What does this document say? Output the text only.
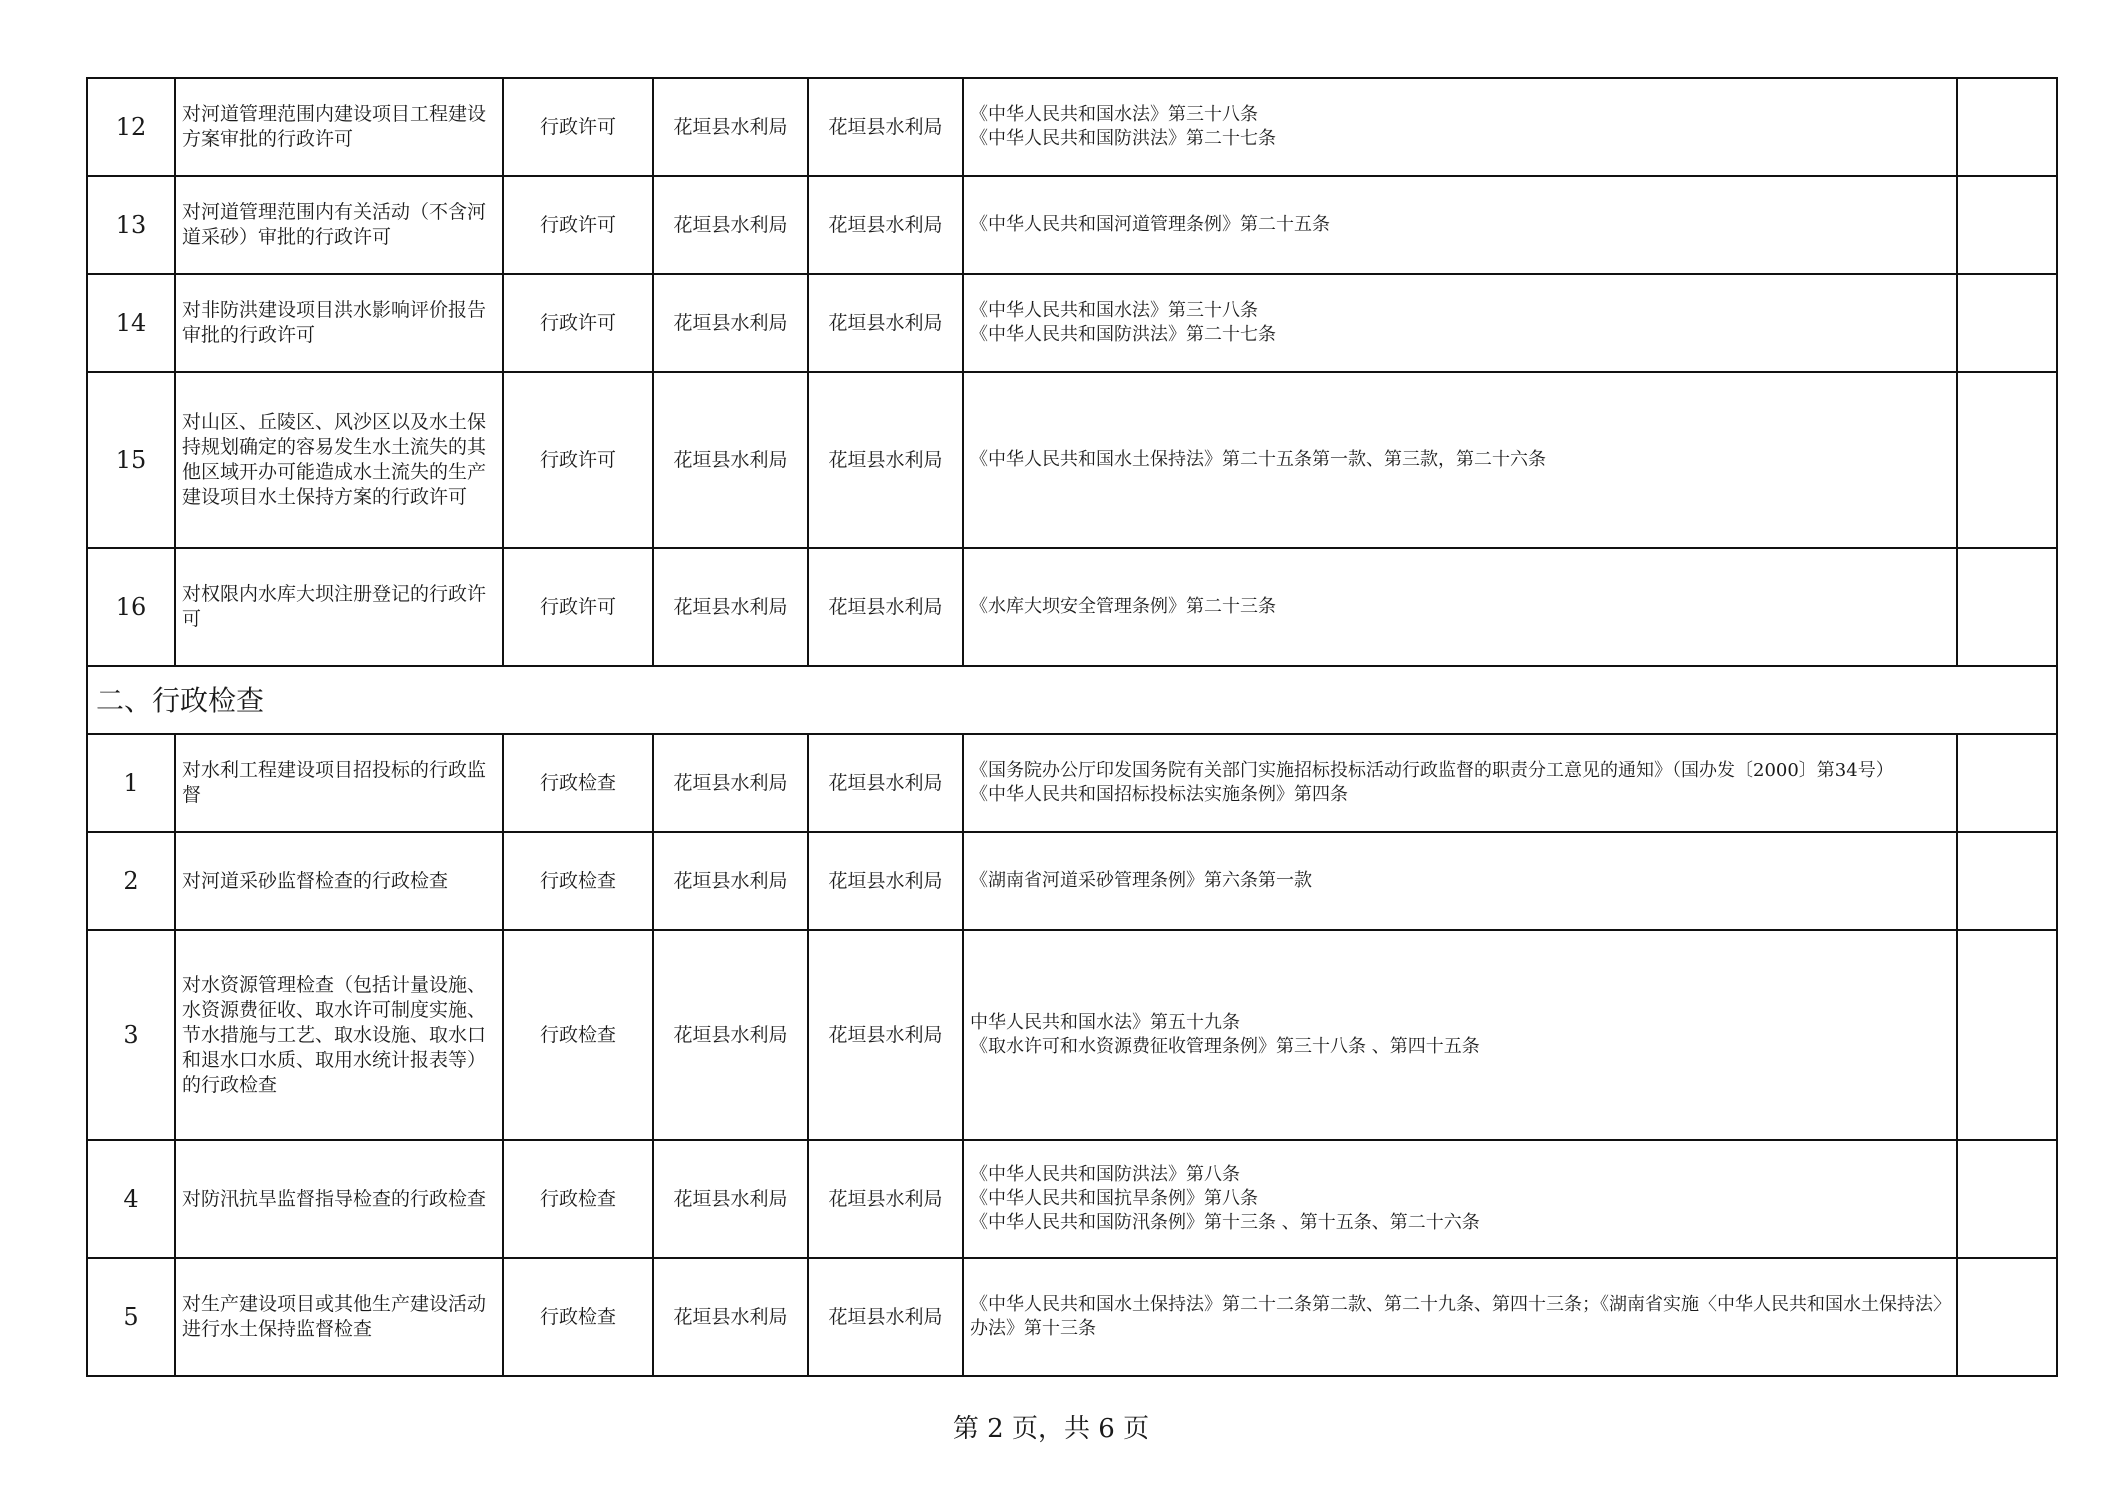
12	对河道管理范围内建设项目工程建设方案审批的行政许可	行政许可	花垣县水利局	花垣县水利局	《中华人民共和国水法》第三十八条
《中华人民共和国防洪法》第二十七条	

13	对河道管理范围内有关活动（不含河道采砂）审批的行政许可	行政许可	花垣县水利局	花垣县水利局	《中华人民共和国河道管理条例》第二十五条	

14	对非防洪建设项目洪水影响评价报告审批的行政许可	行政许可	花垣县水利局	花垣县水利局	《中华人民共和国水法》第三十八条
《中华人民共和国防洪法》第二十七条	

15	对山区、丘陵区、风沙区以及水土保持规划确定的容易发生水土流失的其他区域开办可能造成水土流失的生产建设项目水土保持方案的行政许可	行政许可	花垣县水利局	花垣县水利局	《中华人民共和国水土保持法》第二十五条第一款、第三款，第二十六条	

16	对权限内水库大坝注册登记的行政许可	行政许可	花垣县水利局	花垣县水利局	《水库大坝安全管理条例》第二十三条	

二、行政检查						
1	对水利工程建设项目招投标的行政监督	行政检查	花垣县水利局	花垣县水利局	《国务院办公厅印发国务院有关部门实施招标投标活动行政监督的职责分工意见的通知》（国办发〔2000〕第34号）
《中华人民共和国招标投标法实施条例》第四条	

2	对河道采砂监督检查的行政检查	行政检查	花垣县水利局	花垣县水利局	《湖南省河道采砂管理条例》第六条第一款	

3	对水资源管理检查（包括计量设施、水资源费征收、取水许可制度实施、节水措施与工艺、取水设施、取水口和退水口水质、取用水统计报表等）的行政检查	行政检查	花垣县水利局	花垣县水利局	中华人民共和国水法》第五十九条
《取水许可和水资源费征收管理条例》第三十八条 、第四十五条	

4	对防汛抗旱监督指导检查的行政检查	行政检查	花垣县水利局	花垣县水利局	《中华人民共和国防洪法》第八条
《中华人民共和国抗旱条例》第八条
《中华人民共和国防汛条例》第十三条 、第十五条、第二十六条	

5	对生产建设项目或其他生产建设活动进行水土保持监督检查	行政检查	花垣县水利局	花垣县水利局	《中华人民共和国水土保持法》第二十二条第二款、第二十九条、第四十三条；《湖南省实施〈中华人民共和国水土保持法〉办法》第十三条	

第 2 页，共 6 页
